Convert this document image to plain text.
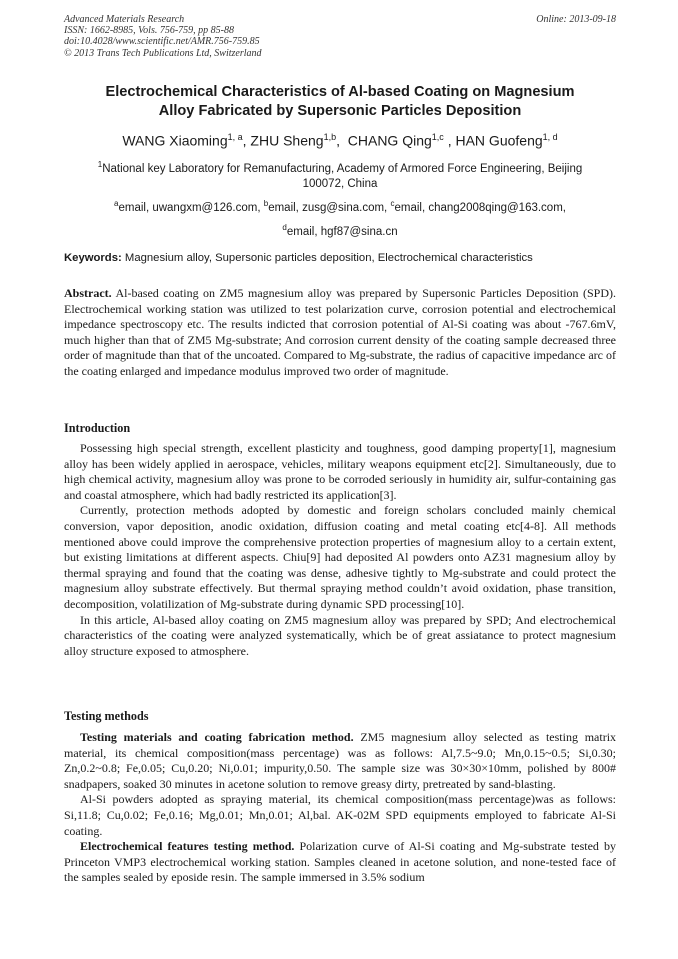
Advanced Materials Research
ISSN: 1662-8985, Vols. 756-759, pp 85-88
doi:10.4028/www.scientific.net/AMR.756-759.85
© 2013 Trans Tech Publications Ltd, Switzerland
Online: 2013-09-18
Electrochemical Characteristics of Al-based Coating on Magnesium
Alloy Fabricated by Supersonic Particles Deposition
WANG Xiaoming$^{1, a}$, ZHU Sheng$^{1,b}$,  CHANG Qing$^{1,c}$ , HAN Guofeng$^{1, d}$
$^1$National key Laboratory for Remanufacturing, Academy of Armored Force Engineering, Beijing
100072, China
$^a$email, uwangxm@126.com, $^b$email, zusg@sina.com, $^c$email, chang2008qing@163.com,
$^d$email, hgf87@sina.cn
Keywords: Magnesium alloy, Supersonic particles deposition, Electrochemical characteristics
Abstract. Al-based coating on ZM5 magnesium alloy was prepared by Supersonic Particles Deposition (SPD). Electrochemical working station was utilized to test polarization curve, corrosion potential and electrochemical impedance spectroscopy etc. The results indicted that corrosion potential of Al-Si coating was about -767.6mV, much higher than that of ZM5 Mg-substrate; And corrosion current density of the coating sample decreased three order of magnitude than that of the uncoated. Compared to Mg-substrate, the radius of capacitive impedance arc of the coating enlarged and impedance modulus improved two order of magnitude.
Introduction

Possessing high special strength, excellent plasticity and toughness, good damping property[1], magnesium alloy has been widely applied in aerospace, vehicles, military weapons equipment etc[2]. Simultaneously, due to high chemical activity, magnesium alloy was prone to be corroded seriously in humidity air, sulfur-containing gas and coastal atmosphere, which had badly restricted its application[3].

Currently, protection methods adopted by domestic and foreign scholars concluded mainly chemical conversion, vapor deposition, anodic oxidation, diffusion coating and metal coating etc[4-8]. All methods mentioned above could improve the comprehensive protection properties of magnesium alloy to a certain extent, but existing limitations at different aspects. Chiu[9] had deposited Al powders onto AZ31 magnesium alloy by thermal spraying and found that the coating was dense, adhesive tightly to Mg-substrate and could protect the magnesium alloy substrate effectively. But thermal spraying method couldn’t avoid oxidation, phase transition, decomposition, volatilization of Mg-substrate during dynamic SPD processing[10].

In this article, Al-based alloy coating on ZM5 magnesium alloy was prepared by SPD; And electrochemical characteristics of the coating were analyzed systematically, which be of great assiatance to protect magnesium alloy structure exposed to atmosphere.

Testing methods

Testing materials and coating fabrication method. ZM5 magnesium alloy selected as testing matrix material, its chemical composition(mass percentage) was as follows: Al,7.5~9.0; Mn,0.15~0.5; Si,0.30; Zn,0.2~0.8; Fe,0.05; Cu,0.20; Ni,0.01; impurity,0.50. The sample size was 30×30×10mm, polished by 800# snadpapers, soaked 30 minutes in acetone solution to remove greasy dirty, pretreated by sand-blasting.

Al-Si powders adopted as spraying material, its chemical composition(mass percentage)was as follows: Si,11.8; Cu,0.02; Fe,0.16; Mg,0.01; Mn,0.01; Al,bal. AK-02M SPD equipments employed to fabricate Al-Si coating.

Electrochemical features testing method. Polarization curve of Al-Si coating and Mg-substrate tested by Princeton VMP3 electrochemical working station. Samples cleaned in acetone solution, and none-tested face of the samples sealed by eposide resin. The sample immersed in 3.5% sodium
